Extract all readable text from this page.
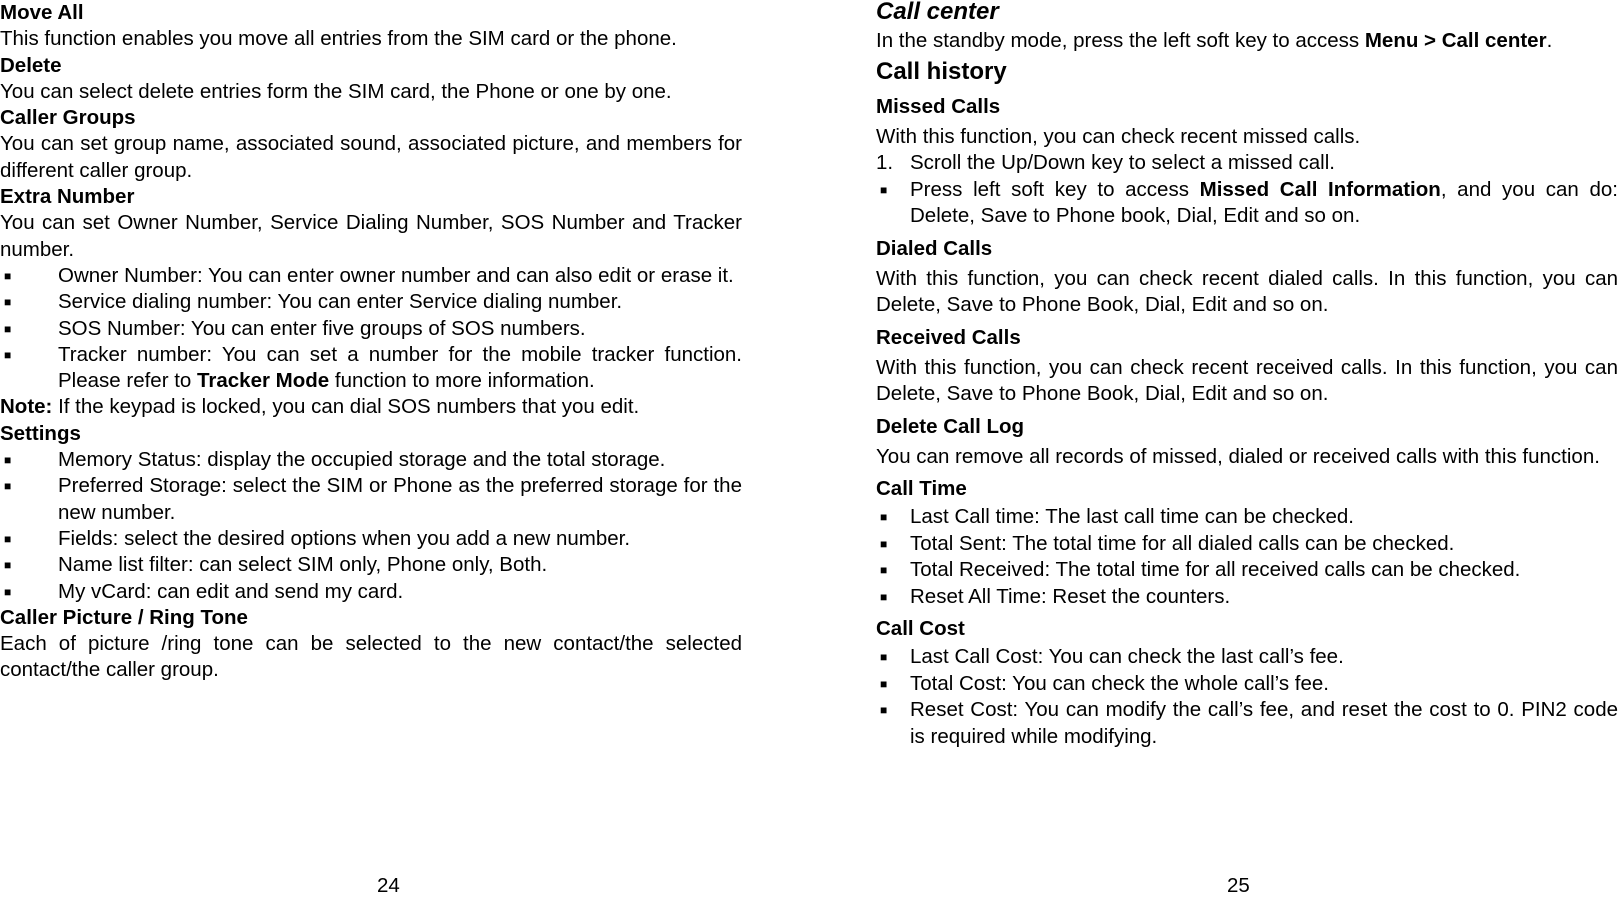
Move All
This function enables you move all entries from the SIM card or the phone.
Delete
You can select delete entries form the SIM card, the Phone or one by one.
Caller Groups
You can set group name, associated sound, associated picture, and members for different caller group.
Extra Number
You can set Owner Number, Service Dialing Number, SOS Number and Tracker number.
■	Owner Number: You can enter owner number and can also edit or erase it.
■	Service dialing number: You can enter Service dialing number.
■	SOS Number: You can enter five groups of SOS numbers.
■	Tracker number: You can set a number for the mobile tracker function. Please refer to Tracker Mode function to more information.
Note: If the keypad is locked, you can dial SOS numbers that you edit.
Settings
■	Memory Status: display the occupied storage and the total storage.
■	Preferred Storage: select the SIM or Phone as the preferred storage for the new number.
■	Fields: select the desired options when you add a new number.
■	Name list filter: can select SIM only, Phone only, Both.
■	My vCard: can edit and send my card.
Caller Picture / Ring Tone
Each of picture /ring tone can be selected to the new contact/the selected contact/the caller group.
24
Call center
In the standby mode, press the left soft key to access Menu > Call center.
Call history
Missed Calls
With this function, you can check recent missed calls.
1. Scroll the Up/Down key to select a missed call.
■	Press left soft key to access Missed Call Information, and you can do: Delete, Save to Phone book, Dial, Edit and so on.
Dialed Calls
With this function, you can check recent dialed calls. In this function, you can Delete, Save to Phone Book, Dial, Edit and so on.
Received Calls
With this function, you can check recent received calls. In this function, you can Delete, Save to Phone Book, Dial, Edit and so on.
Delete Call Log
You can remove all records of missed, dialed or received calls with this function.
Call Time
■	Last Call time: The last call time can be checked.
■	Total Sent: The total time for all dialed calls can be checked.
■	Total Received: The total time for all received calls can be checked.
■	Reset All Time: Reset the counters.
Call Cost
■	Last Call Cost: You can check the last call’s fee.
■	Total Cost: You can check the whole call’s fee.
■	Reset Cost: You can modify the call’s fee, and reset the cost to 0. PIN2 code is required while modifying.
25
